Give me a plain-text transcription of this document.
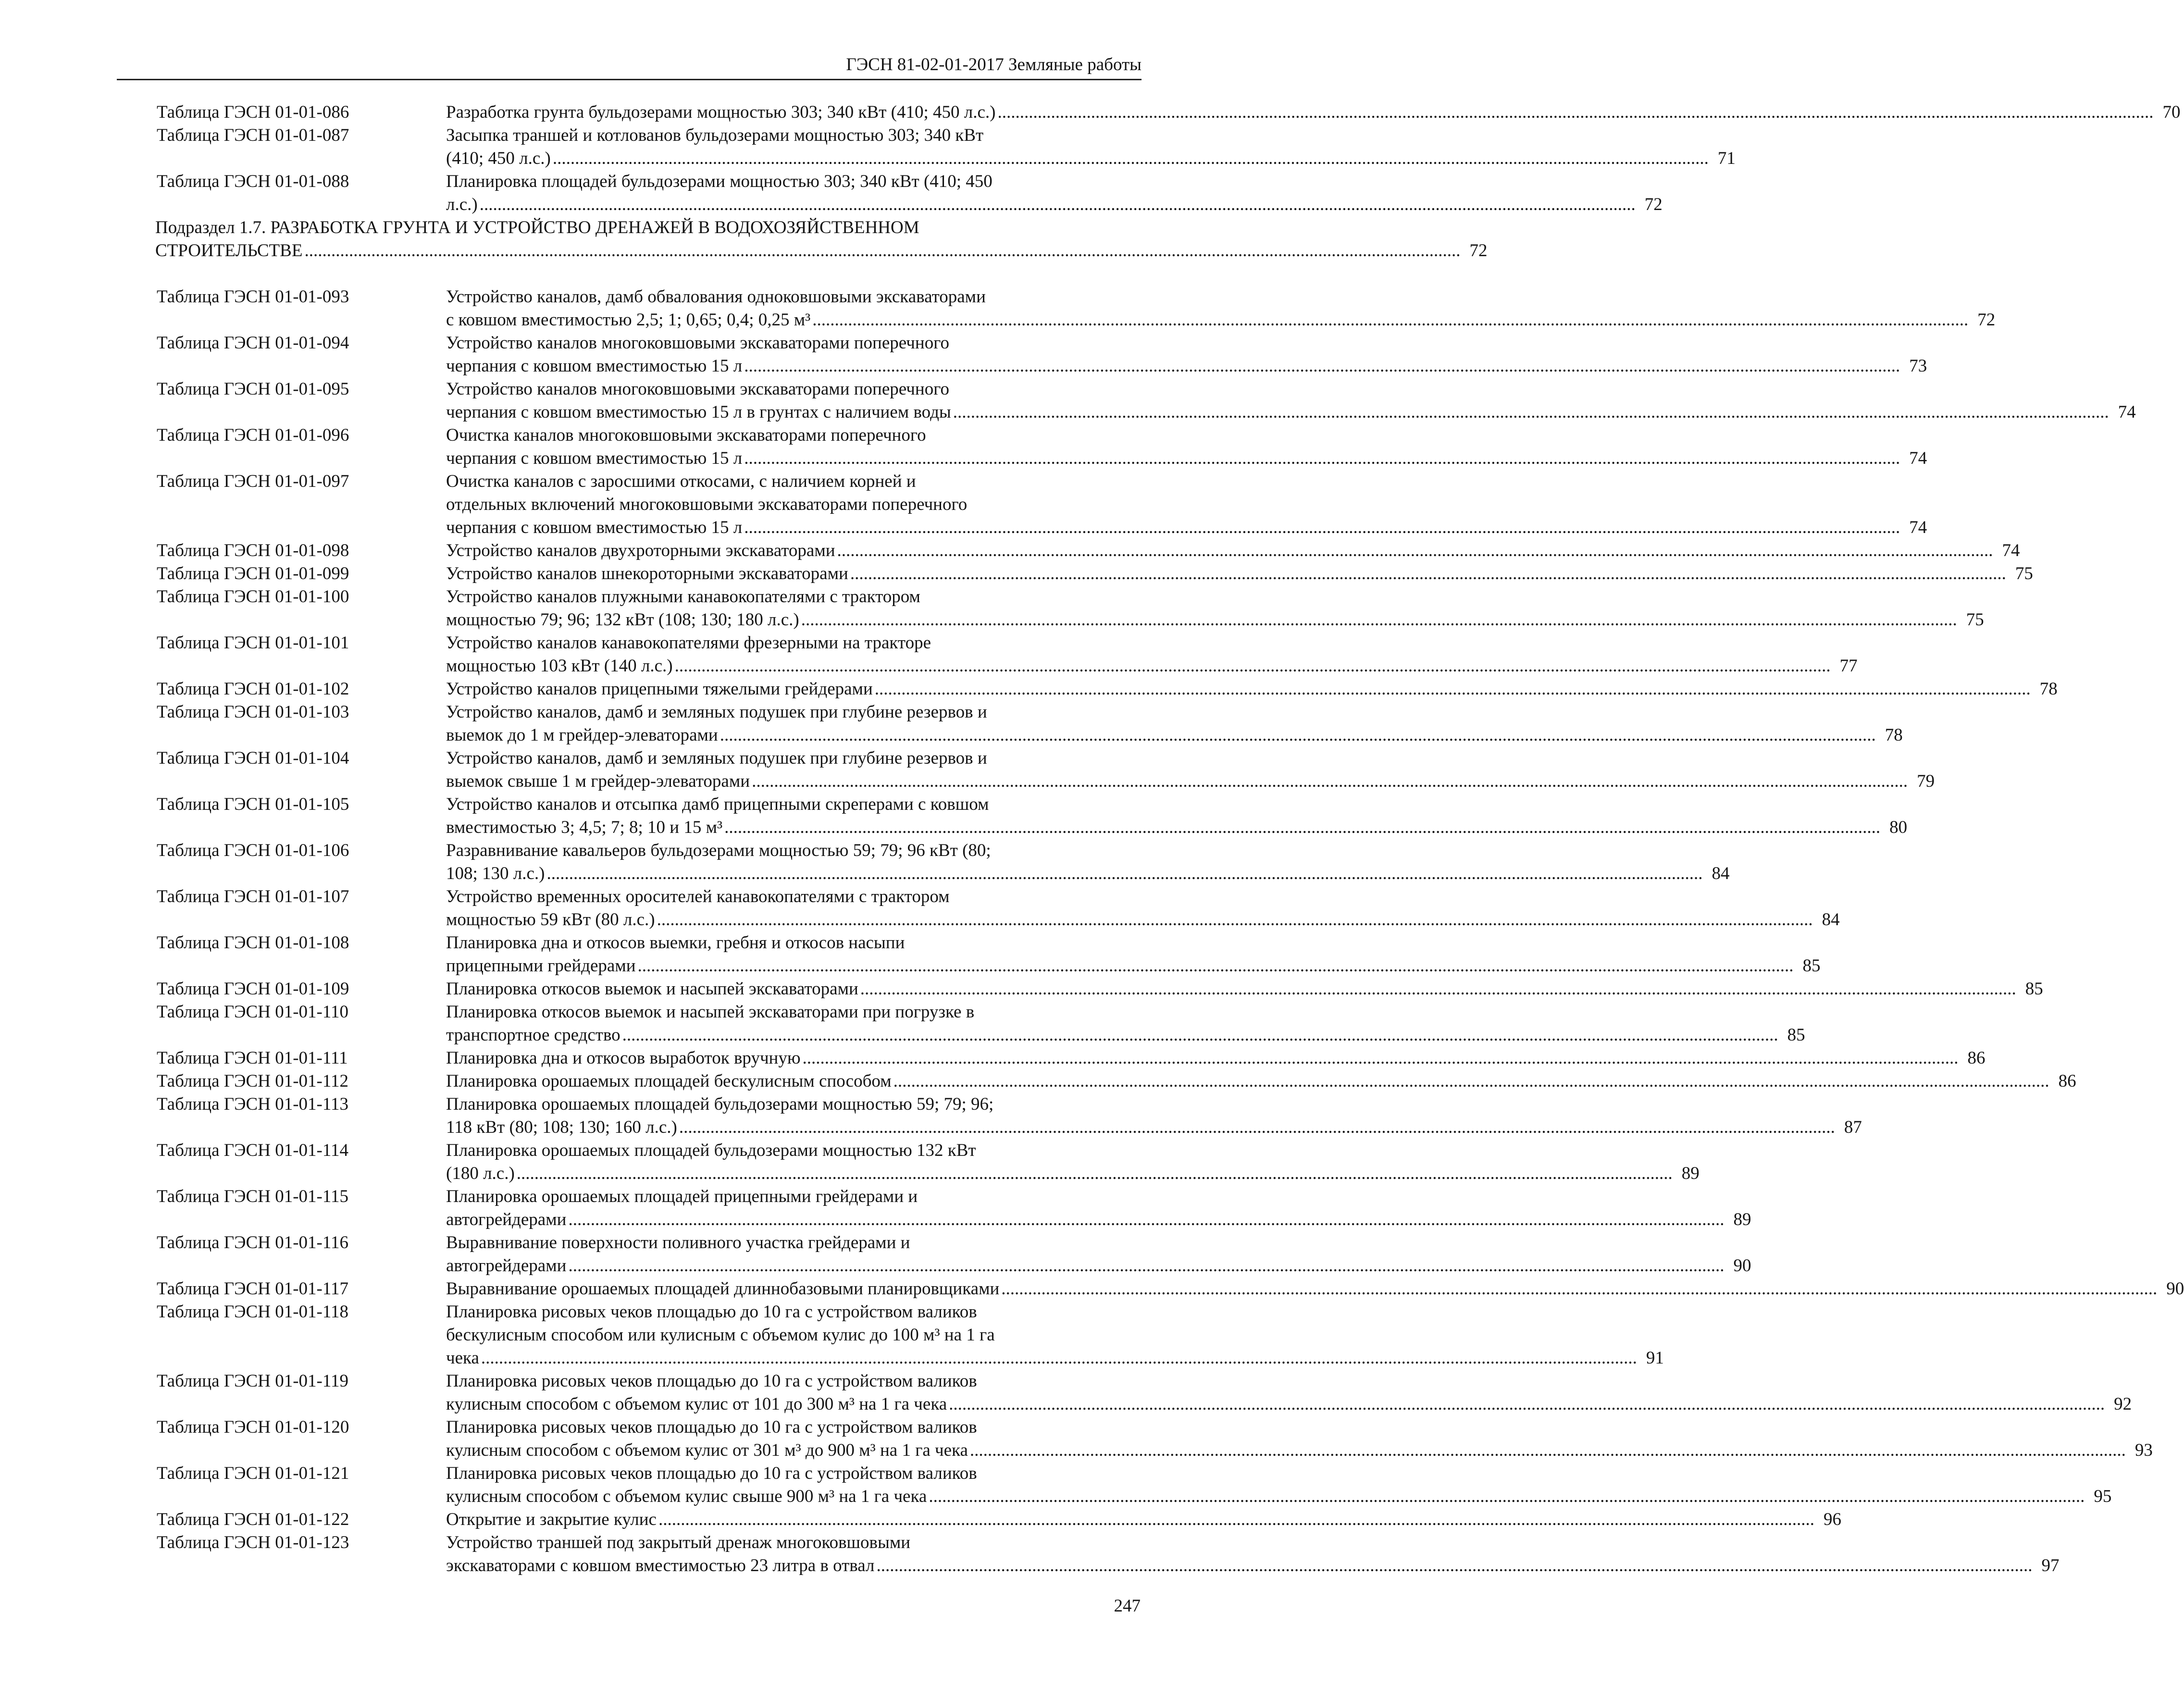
ГЭСН 81-02-01-2017 Земляные работы
Таблица ГЭСН 01-01-086	Разработка грунта бульдозерами мощностью 303; 340 кВт (410; 450 л.с.) .....	70
Таблица ГЭСН 01-01-087	Засыпка траншей и котлованов бульдозерами мощностью 303; 340 кВт
(410; 450 л.с.) .....	71
Таблица ГЭСН 01-01-088	Планировка площадей бульдозерами мощностью 303; 340 кВт (410; 450
л.с.) .....	72
Подраздел 1.7. РАЗРАБОТКА ГРУНТА И УСТРОЙСТВО ДРЕНАЖЕЙ В ВОДОХОЗЯЙСТВЕННОМ
СТРОИТЕЛЬСТВЕ .....	72
Таблица ГЭСН 01-01-093	Устройство каналов, дамб обвалования одноковшовыми экскаваторами
с ковшом вместимостью 2,5; 1; 0,65; 0,4; 0,25 м³ .....	72
Таблица ГЭСН 01-01-094	Устройство каналов многоковшовыми экскаваторами поперечного
черпания с ковшом вместимостью 15 л .....	73
Таблица ГЭСН 01-01-095	Устройство каналов многоковшовыми экскаваторами поперечного
черпания с ковшом вместимостью 15 л в грунтах с наличием воды .....	74
Таблица ГЭСН 01-01-096	Очистка каналов многоковшовыми экскаваторами поперечного
черпания с ковшом вместимостью 15 л .....	74
Таблица ГЭСН 01-01-097	Очистка каналов с заросшими откосами, с наличием корней и
отдельных включений многоковшовыми экскаваторами поперечного
черпания с ковшом вместимостью 15 л .....	74
Таблица ГЭСН 01-01-098	Устройство каналов двухроторными экскаваторами .....	74
Таблица ГЭСН 01-01-099	Устройство каналов шнекороторными экскаваторами .....	75
Таблица ГЭСН 01-01-100	Устройство каналов плужными канавокопателями с трактором
мощностью 79; 96; 132 кВт (108; 130; 180 л.с.) .....	75
Таблица ГЭСН 01-01-101	Устройство каналов канавокопателями фрезерными на тракторе
мощностью 103 кВт (140 л.с.) .....	77
Таблица ГЭСН 01-01-102	Устройство каналов прицепными тяжелыми грейдерами .....	78
Таблица ГЭСН 01-01-103	Устройство каналов, дамб и земляных подушек при глубине резервов и
выемок до 1 м грейдер-элеваторами .....	78
Таблица ГЭСН 01-01-104	Устройство каналов, дамб и земляных подушек при глубине резервов и
выемок свыше 1 м грейдер-элеваторами .....	79
Таблица ГЭСН 01-01-105	Устройство каналов и отсыпка дамб прицепными скреперами с ковшом
вместимостью 3; 4,5; 7; 8; 10 и 15 м³ .....	80
Таблица ГЭСН 01-01-106	Разравнивание кавальеров бульдозерами мощностью 59; 79; 96 кВт (80;
108; 130 л.с.) .....	84
Таблица ГЭСН 01-01-107	Устройство временных оросителей канавокопателями с трактором
мощностью 59 кВт (80 л.с.) .....	84
Таблица ГЭСН 01-01-108	Планировка дна и откосов выемки, гребня и откосов насыпи
прицепными грейдерами .....	85
Таблица ГЭСН 01-01-109	Планировка откосов выемок и насыпей экскаваторами .....	85
Таблица ГЭСН 01-01-110	Планировка откосов выемок и насыпей экскаваторами при погрузке в
транспортное средство .....	85
Таблица ГЭСН 01-01-111	Планировка дна и откосов выработок вручную .....	86
Таблица ГЭСН 01-01-112	Планировка орошаемых площадей бескулисным способом .....	86
Таблица ГЭСН 01-01-113	Планировка орошаемых площадей бульдозерами мощностью 59; 79; 96;
118 кВт (80; 108; 130; 160 л.с.) .....	87
Таблица ГЭСН 01-01-114	Планировка орошаемых площадей бульдозерами мощностью 132 кВт
(180 л.с.) .....	89
Таблица ГЭСН 01-01-115	Планировка орошаемых площадей прицепными грейдерами и
автогрейдерами .....	89
Таблица ГЭСН 01-01-116	Выравнивание поверхности поливного участка грейдерами и
автогрейдерами .....	90
Таблица ГЭСН 01-01-117	Выравнивание орошаемых площадей длиннобазовыми планировщиками .....	90
Таблица ГЭСН 01-01-118	Планировка рисовых чеков площадью до 10 га с устройством валиков
бескулисным способом или кулисным с объемом кулис до 100 м³ на 1 га
чека .....	91
Таблица ГЭСН 01-01-119	Планировка рисовых чеков площадью до 10 га с устройством валиков
кулисным способом с объемом кулис от 101 до 300 м³ на 1 га чека .....	92
Таблица ГЭСН 01-01-120	Планировка рисовых чеков площадью до 10 га с устройством валиков
кулисным способом с объемом кулис от 301 м³ до 900 м³ на 1 га чека .....	93
Таблица ГЭСН 01-01-121	Планировка рисовых чеков площадью до 10 га с устройством валиков
кулисным способом с объемом кулис свыше 900 м³ на 1 га чека .....	95
Таблица ГЭСН 01-01-122	Открытие и закрытие кулис .....	96
Таблица ГЭСН 01-01-123	Устройство траншей под закрытый дренаж многоковшовыми
экскаваторами с ковшом вместимостью 23 литра в отвал .....	97
247
